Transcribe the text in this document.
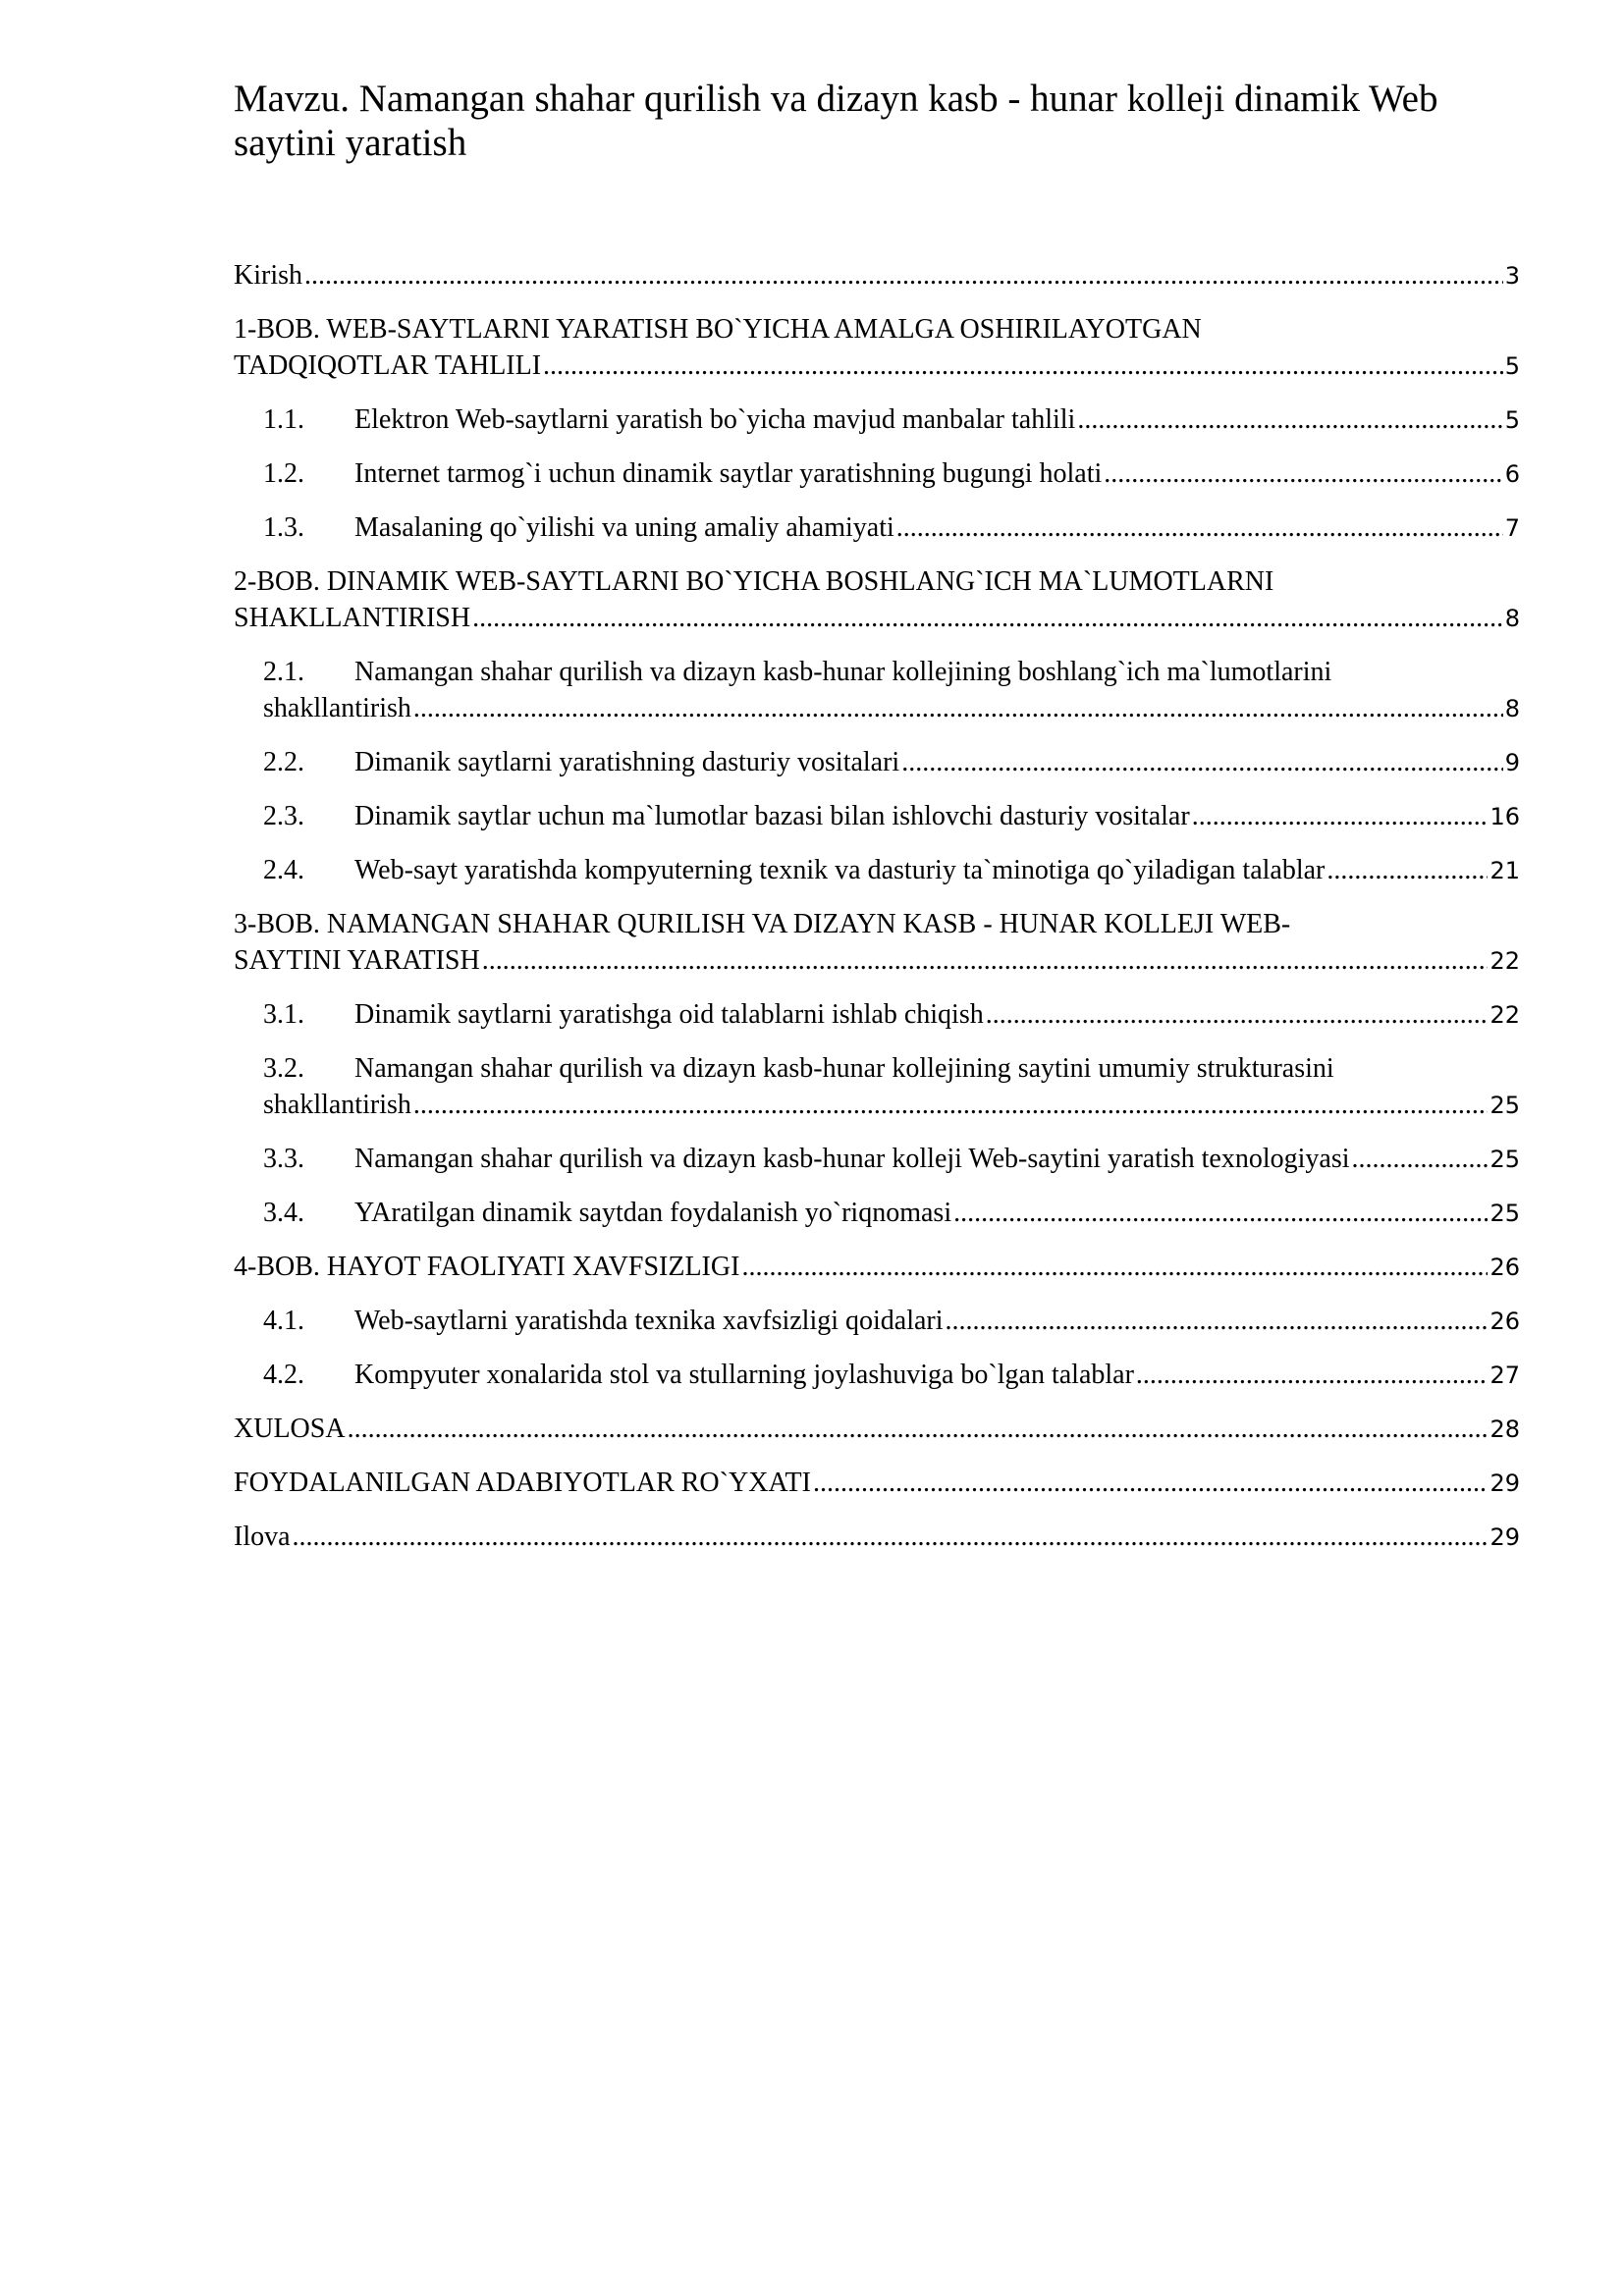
Mavzu. Namangan shahar qurilish va dizayn kasb - hunar kolleji dinamik Web saytini yaratish
Kirish .....	3
1-BOB. WEB-SAYTLARNI YARATISH BO`YICHA AMALGA OSHIRILAYOTGAN
TADQIQOTLAR TAHLILI .....	5
1.1.	Elektron Web-saytlarni yaratish bo`yicha mavjud manbalar tahlili .....	5
1.2.	Internet tarmog`i uchun dinamik saytlar yaratishning bugungi holati .....	6
1.3.	Masalaning qo`yilishi va uning amaliy ahamiyati .....	7
2-BOB. DINAMIK WEB-SAYTLARNI BO`YICHA BOSHLANG`ICH MA`LUMOTLARNI
SHAKLLANTIRISH .....	8
2.1. Namangan shahar qurilish va dizayn kasb-hunar kollejining boshlang`ich ma`lumotlarini
shakllantirish .....	8
2.2.	Dimanik saytlarni yaratishning dasturiy vositalari .....	9
2.3.	Dinamik saytlar uchun ma`lumotlar bazasi bilan ishlovchi dasturiy vositalar .....	16
2.4.	Web-sayt yaratishda kompyuterning texnik va dasturiy ta`minotiga qo`yiladigan talablar .....	21
3-BOB. NAMANGAN SHAHAR QURILISH VA DIZAYN KASB - HUNAR KOLLEJI WEB-
SAYTINI YARATISH .....	22
3.1.	Dinamik saytlarni yaratishga oid talablarni ishlab chiqish .....	22
3.2. Namangan shahar qurilish va dizayn kasb-hunar kollejining saytini umumiy strukturasini
shakllantirish .....	25
3.3.	Namangan shahar qurilish va dizayn kasb-hunar kolleji Web-saytini yaratish texnologiyasi .....	25
3.4.	YAratilgan dinamik saytdan foydalanish yo`riqnomasi .....	25
4-BOB. HAYOT FAOLIYATI XAVFSIZLIGI .....	26
4.1.	Web-saytlarni yaratishda texnika xavfsizligi qoidalari .....	26
4.2.	Kompyuter xonalarida stol va stullarning joylashuviga bo`lgan talablar .....	27
XULOSA .....	28
FOYDALANILGAN ADABIYOTLAR RO`YXATI .....	29
Ilova .....	29
